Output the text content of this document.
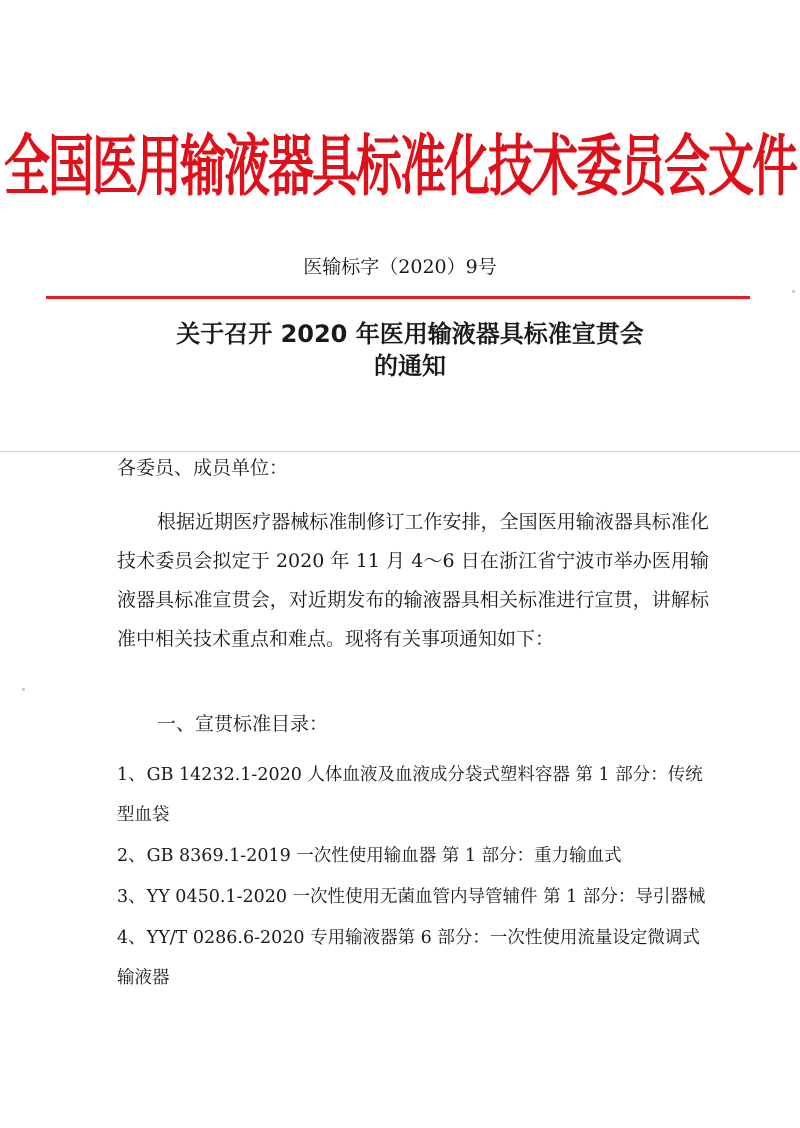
全国医用输液器具标准化技术委员会文件
医输标字（2020）9号
关于召开 2020 年医用输液器具标准宣贯会
的通知
各委员、成员单位：
根据近期医疗器械标准制修订工作安排，全国医用输液器具标准化技术委员会拟定于 2020 年 11 月 4～6 日在浙江省宁波市举办医用输液器具标准宣贯会，对近期发布的输液器具相关标准进行宣贯，讲解标准中相关技术重点和难点。现将有关事项通知如下：
一、宣贯标准目录：
1、GB 14232.1-2020 人体血液及血液成分袋式塑料容器 第 1 部分：传统型血袋
2、GB 8369.1-2019 一次性使用输血器 第 1 部分：重力输血式
3、YY 0450.1-2020 一次性使用无菌血管内导管辅件 第 1 部分：导引器械
4、YY/T 0286.6-2020 专用输液器第 6 部分：一次性使用流量设定微调式输液器
